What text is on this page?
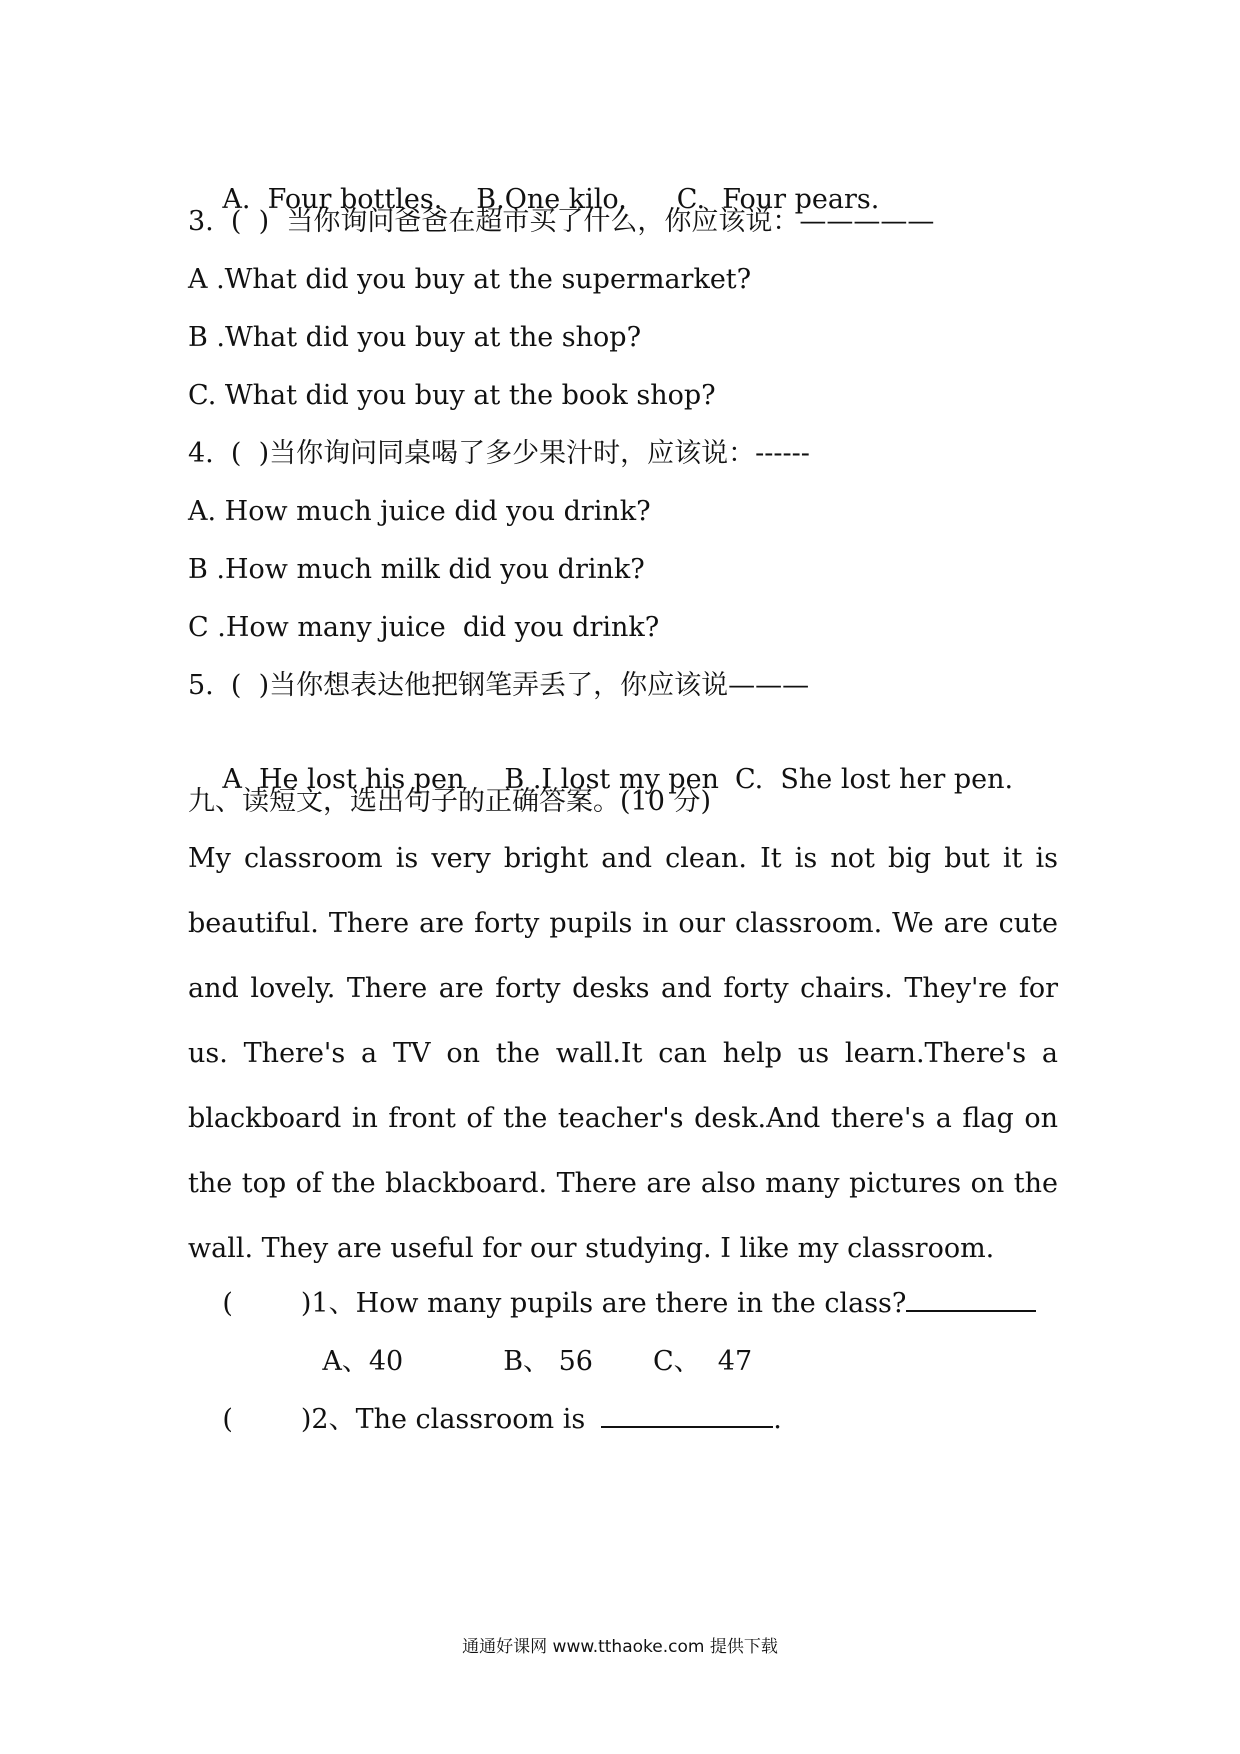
A.  Four bottles. B.One kilo. C.  Four pears.

3.  (  )  当你询问爸爸在超市买了什么，你应该说：—————
A .What did you buy at the supermarket?
B .What did you buy at the shop?
C. What did you buy at the book shop?
4.  (  )当你询问同桌喝了多少果汁时，应该说：------
A. How much juice did you drink?
B .How much milk did you drink?
C .How many juice  did you drink?
5.  (  )当你想表达他把钢笔弄丢了，你应该说———

A  He lost his pen B .I lost my pen C.  She lost her pen.

九、读短文，选出句子的正确答案。(10 分)
My classroom is very bright and clean. It is not big but it is beautiful. There are forty pupils in our classroom. We are cute and lovely. There are forty desks and forty chairs. They're for us. There's a TV on the wall.It can help us learn.There's a blackboard in front of the teacher's desk.And there's a flag on the top of the blackboard. There are also many pictures on the wall. They are useful for our studying. I like my classroom.

(	)1、How many pupils are there in the class?

A、40	B、 56 C、  47

(	)2、The classroom is	.

通通好课网 www.tthaoke.com 提供下载
